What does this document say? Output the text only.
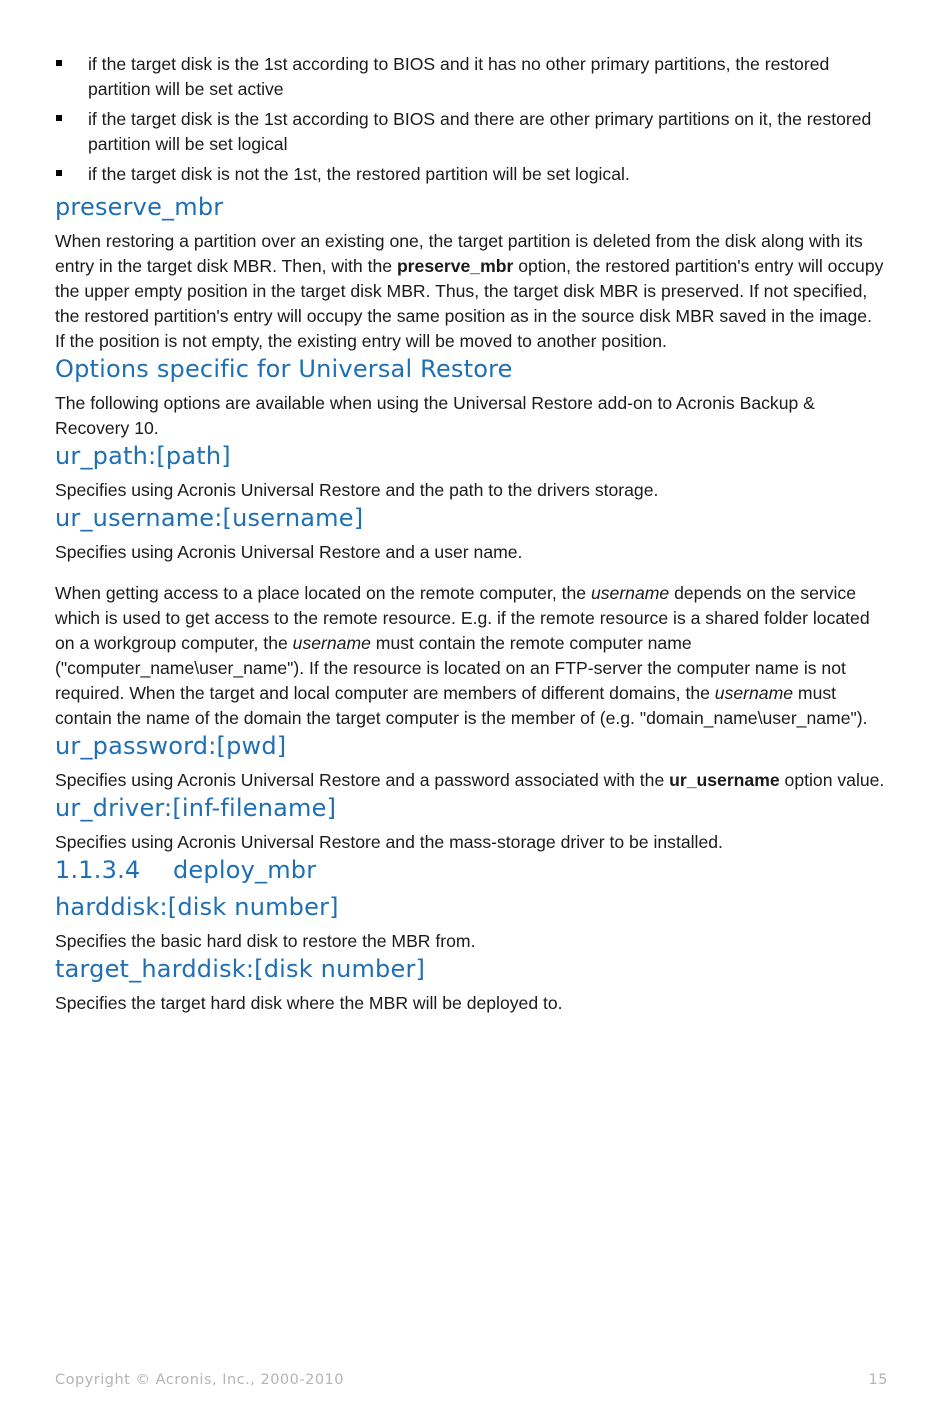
if the target disk is the 1st according to BIOS and it has no other primary partitions, the restored partition will be set active
if the target disk is the 1st according to BIOS and there are other primary partitions on it, the restored partition will be set logical
if the target disk is not the 1st, the restored partition will be set logical.
preserve_mbr

When restoring a partition over an existing one, the target partition is deleted from the disk along with its entry in the target disk MBR. Then, with the preserve_mbr option, the restored partition's entry will occupy the upper empty position in the target disk MBR. Thus, the target disk MBR is preserved. If not specified, the restored partition's entry will occupy the same position as in the source disk MBR saved in the image. If the position is not empty, the existing entry will be moved to another position.

Options specific for Universal Restore

The following options are available when using the Universal Restore add-on to Acronis Backup & Recovery 10.

ur_path:[path]

Specifies using Acronis Universal Restore and the path to the drivers storage.

ur_username:[username]

Specifies using Acronis Universal Restore and a user name.

When getting access to a place located on the remote computer, the username depends on the service which is used to get access to the remote resource. E.g. if the remote resource is a shared folder located on a workgroup computer, the username must contain the remote computer name ("computer_name\user_name"). If the resource is located on an FTP-server the computer name is not required. When the target and local computer are members of different domains, the username must contain the name of the domain the target computer is the member of (e.g. "domain_name\user_name").

ur_password:[pwd]

Specifies using Acronis Universal Restore and a password associated with the ur_username option value.

ur_driver:[inf-filename]

Specifies using Acronis Universal Restore and the mass-storage driver to be installed.

1.1.3.4 deploy_mbr
harddisk:[disk number]

Specifies the basic hard disk to restore the MBR from.

target_harddisk:[disk number]

Specifies the target hard disk where the MBR will be deployed to.

Copyright © Acronis, Inc., 2000-2010	15
